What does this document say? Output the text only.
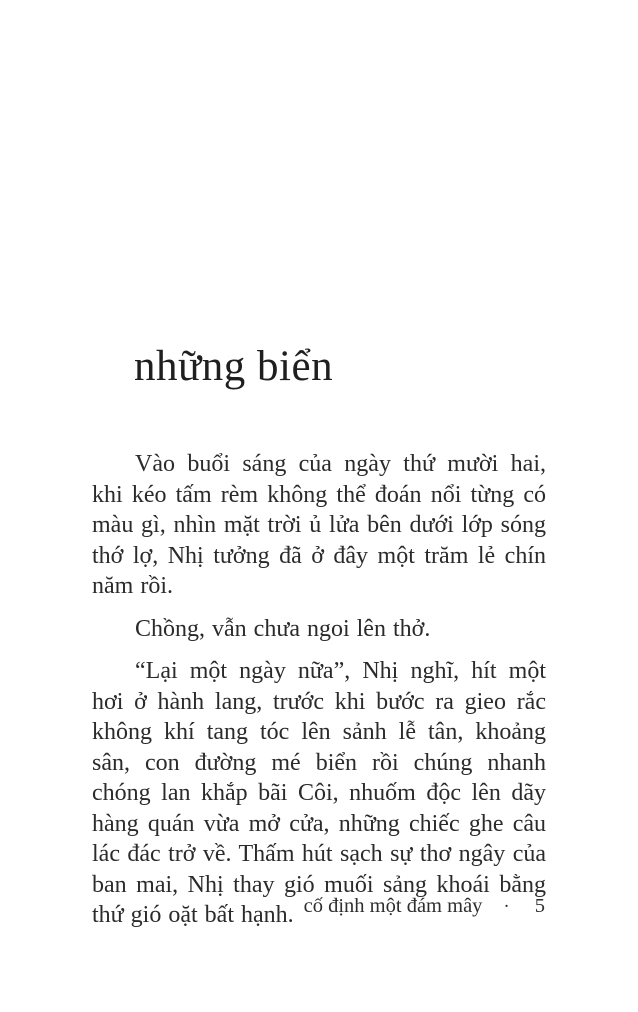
những biển

Vào buổi sáng của ngày thứ mười hai, khi kéo tấm rèm không thể đoán nổi từng có màu gì, nhìn mặt trời ủ lửa bên dưới lớp sóng thớ lợ, Nhị tưởng đã ở đây một trăm lẻ chín năm rồi.

Chồng, vẫn chưa ngoi lên thở.

“Lại một ngày nữa”, Nhị nghĩ, hít một hơi ở hành lang, trước khi bước ra gieo rắc không khí tang tóc lên sảnh lễ tân, khoảng sân, con đường mé biển rồi chúng nhanh chóng lan khắp bãi Côi, nhuốm độc lên dãy hàng quán vừa mở cửa, những chiếc ghe câu lác đác trở về. Thấm hút sạch sự thơ ngây của ban mai, Nhị thay gió muối sảng khoái bằng thứ gió oặt bất hạnh. cố định một đám mây · 5
